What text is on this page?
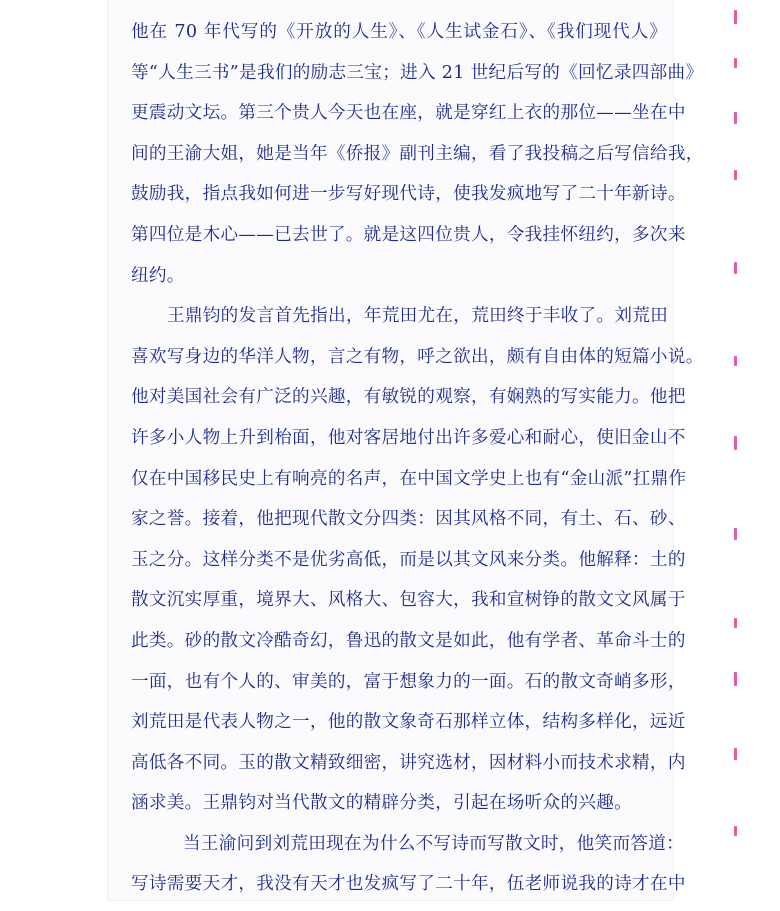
他在 70 年代写的《开放的人生》、《人生试金石》、《我们现代人》
等“人生三书”是我们的励志三宝；进入 21 世纪后写的《回忆录四部曲》
更震动文坛。第三个贵人今天也在座，就是穿红上衣的那位——坐在中
间的王渝大姐，她是当年《侨报》副刊主编，看了我投稿之后写信给我，
鼓励我，指点我如何进一步写好现代诗，使我发疯地写了二十年新诗。
第四位是木心——已去世了。就是这四位贵人，令我挂怀纽约，多次来
纽约。
王鼎钧的发言首先指出，年荒田尤在，荒田终于丰收了。刘荒田
喜欢写身边的华洋人物，言之有物，呼之欲出，颇有自由体的短篇小说。
他对美国社会有广泛的兴趣，有敏锐的观察，有娴熟的写实能力。他把
许多小人物上升到枱面，他对客居地付出许多爱心和耐心，使旧金山不
仅在中国移民史上有响亮的名声，在中国文学史上也有“金山派”扛鼎作
家之誉。接着，他把现代散文分四类：因其风格不同，有土、石、砂、
玉之分。这样分类不是优劣高低，而是以其文风来分类。他解释：土的
散文沉实厚重，境界大、风格大、包容大，我和宣树铮的散文文风属于
此类。砂的散文冷酷奇幻，鲁迅的散文是如此，他有学者、革命斗士的
一面，也有个人的、审美的，富于想象力的一面。石的散文奇峭多形，
刘荒田是代表人物之一，他的散文象奇石那样立体，结构多样化，远近
高低各不同。玉的散文精致细密，讲究选材，因材料小而技术求精，内
涵求美。王鼎钧对当代散文的精辟分类，引起在场听众的兴趣。
当王渝问到刘荒田现在为什么不写诗而写散文时，他笑而答道：
写诗需要天才，我没有天才也发疯写了二十年，伍老师说我的诗才在中
